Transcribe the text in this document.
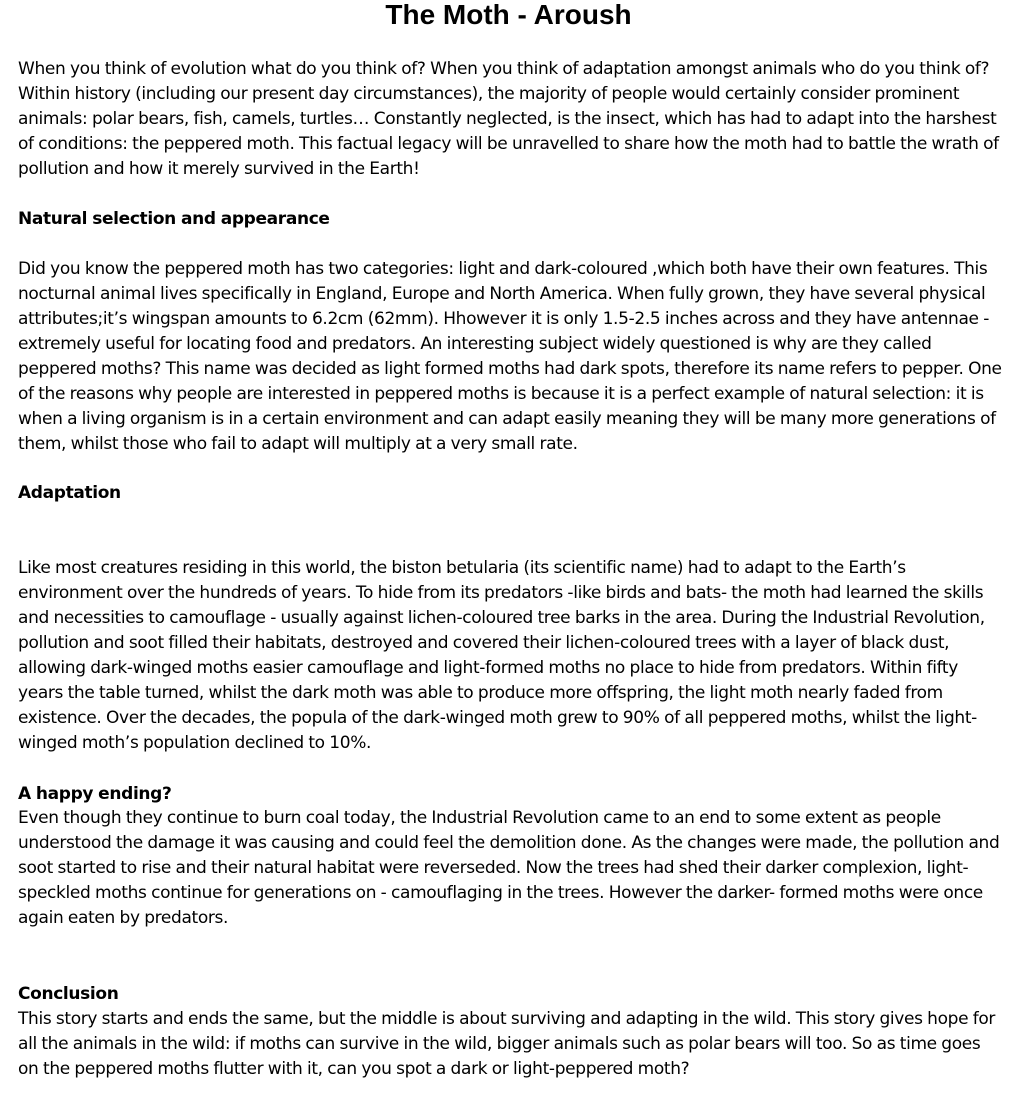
The Moth - Aroush

When you think of evolution what do you think of? When you think of adaptation amongst animals who do you think of? Within history (including our present day circumstances), the majority of people would certainly consider prominent animals: polar bears, fish, camels, turtles… Constantly neglected, is the insect, which has had to adapt into the harshest of conditions: the peppered moth. This factual legacy will be unravelled to share how the moth had to battle the wrath of pollution and how it merely survived in the Earth!

Natural selection and appearance

Did you know the peppered moth has two categories: light and dark-coloured ,which both have their own features. This nocturnal animal lives specifically in England, Europe and North America. When fully grown, they have several physical attributes;it’s wingspan amounts to 6.2cm (62mm). Hhowever it is only 1.5-2.5 inches across and they have antennae -extremely useful for locating food and predators. An interesting subject widely questioned is why are they called peppered moths? This name was decided as light formed moths had dark spots, therefore its name refers to pepper. One of the reasons why people are interested in peppered moths is because it is a perfect example of natural selection: it is when a living organism is in a certain environment and can adapt easily meaning they will be many more generations of them, whilst those who fail to adapt will multiply at a very small rate.

Adaptation

Like most creatures residing in this world, the biston betularia (its scientific name) had to adapt to the Earth’s environment over the hundreds of years. To hide from its predators -like birds and bats- the moth had learned the skills and necessities to camouflage - usually against lichen-coloured tree barks in the area. During the Industrial Revolution, pollution and soot filled their habitats, destroyed and covered their lichen-coloured trees with a layer of black dust, allowing dark-winged moths easier camouflage and light-formed moths no place to hide from predators. Within fifty years the table turned, whilst the dark moth was able to produce more offspring, the light moth nearly faded from existence. Over the decades, the popula of the dark-winged moth grew to 90% of all peppered moths, whilst the light-winged moth’s population declined to 10%.

A happy ending?

Even though they continue to burn coal today, the Industrial Revolution came to an end to some extent as people understood the damage it was causing and could feel the demolition done. As the changes were made, the pollution and soot started to rise and their natural habitat were reverseded. Now the trees had shed their darker complexion, light-speckled moths continue for generations on - camouflaging in the trees. However the darker- formed moths were once again eaten by predators.

Conclusion

This story starts and ends the same, but the middle is about surviving and adapting in the wild. This story gives hope for all the animals in the wild: if moths can survive in the wild, bigger animals such as polar bears will too. So as time goes on the peppered moths flutter with it, can you spot a dark or light-peppered moth?
